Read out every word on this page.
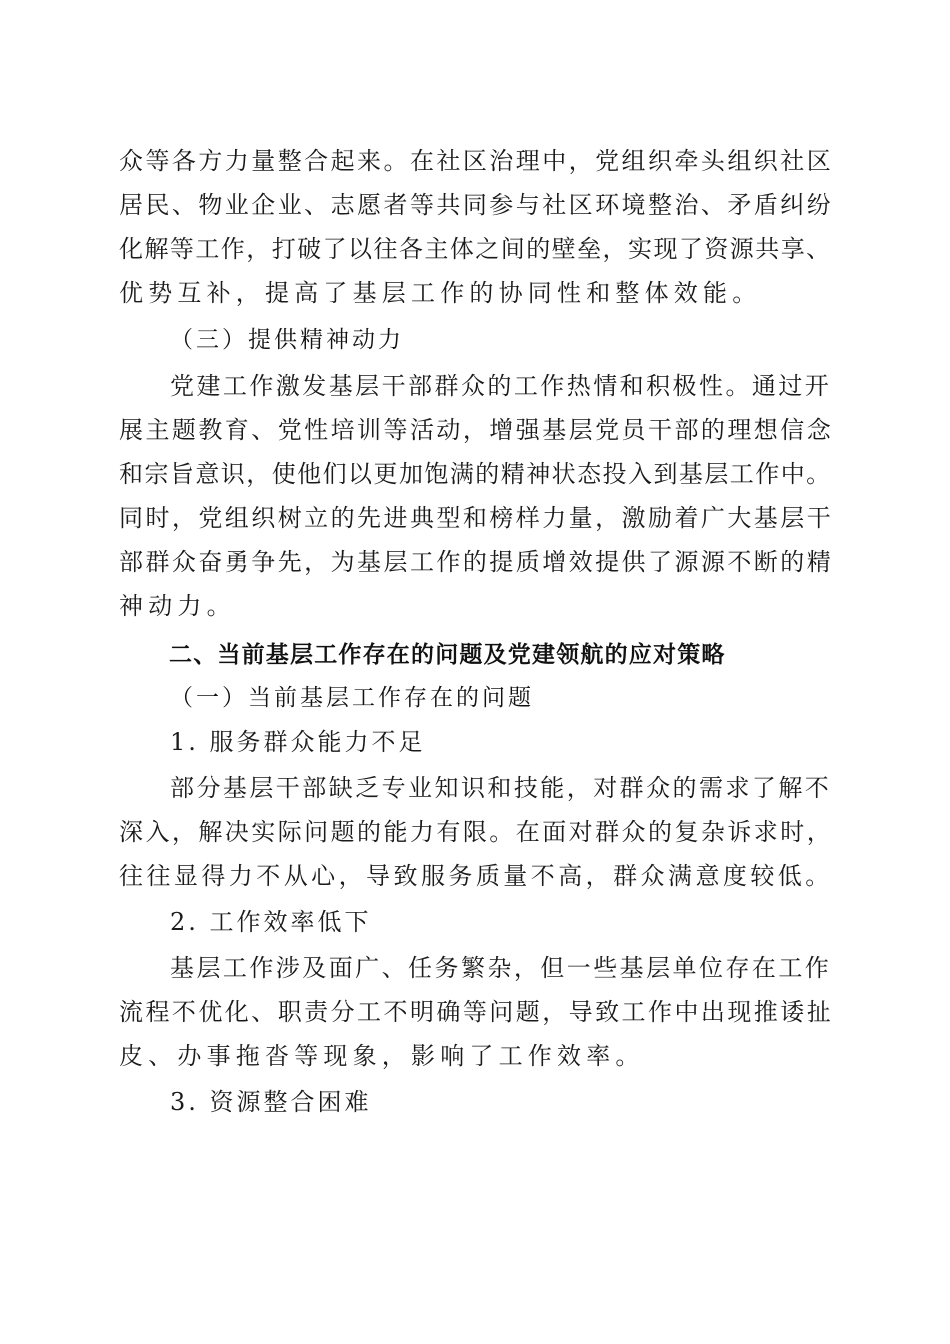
众等各方力量整合起来。在社区治理中，党组织牵头组织社区
居民、物业企业、志愿者等共同参与社区环境整治、矛盾纠纷
化解等工作，打破了以往各主体之间的壁垒，实现了资源共享、
优势互补，提高了基层工作的协同性和整体效能。
（三）提供精神动力
党建工作激发基层干部群众的工作热情和积极性。通过开
展主题教育、党性培训等活动，增强基层党员干部的理想信念
和宗旨意识，使他们以更加饱满的精神状态投入到基层工作中。
同时，党组织树立的先进典型和榜样力量，激励着广大基层干
部群众奋勇争先，为基层工作的提质增效提供了源源不断的精
神动力。
二、当前基层工作存在的问题及党建领航的应对策略
（一）当前基层工作存在的问题
1. 服务群众能力不足
部分基层干部缺乏专业知识和技能，对群众的需求了解不
深入，解决实际问题的能力有限。在面对群众的复杂诉求时，
往往显得力不从心，导致服务质量不高，群众满意度较低。
2. 工作效率低下
基层工作涉及面广、任务繁杂，但一些基层单位存在工作
流程不优化、职责分工不明确等问题，导致工作中出现推诿扯
皮、办事拖沓等现象，影响了工作效率。
3. 资源整合困难
